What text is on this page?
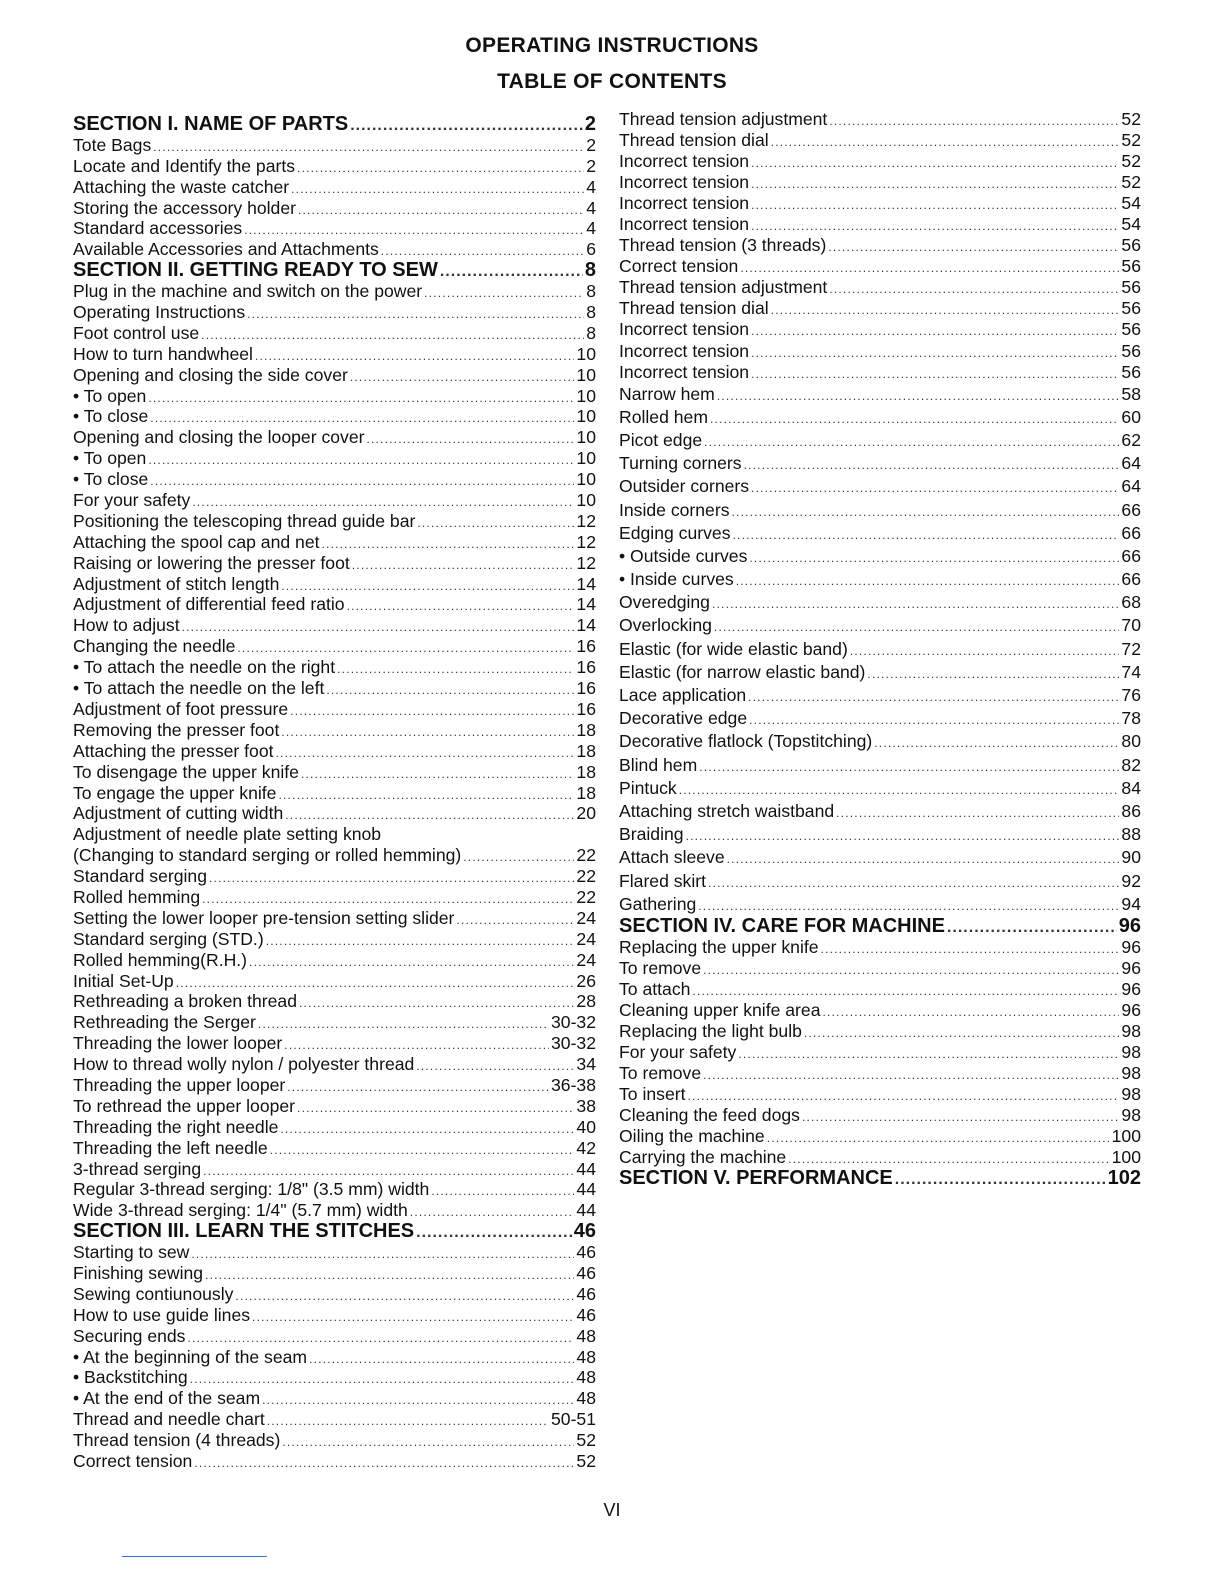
OPERATING INSTRUCTIONS
TABLE OF CONTENTS
SECTION I. NAME OF PARTS .....	2
Tote Bags .....	2
Locate and Identify the parts .....	2
Attaching the waste catcher .....	4
Storing the accessory holder .....	4
Standard accessories .....	4
Available Accessories and Attachments .....	6
SECTION II. GETTING READY TO SEW .....	8
Plug in the machine and switch on the power .....	8
Operating Instructions .....	8
Foot control use .....	8
How to turn handwheel .....	10
Opening and closing the side cover .....	10
• To open .....	10
• To close .....	10
Opening and closing the looper cover .....	10
• To open .....	10
• To close .....	10
For your safety .....	10
Positioning the telescoping thread guide bar .....	12
Attaching the spool cap and net .....	12
Raising or lowering the presser foot .....	12
Adjustment of stitch length .....	14
Adjustment of differential feed ratio .....	14
How to adjust .....	14
Changing the needle .....	16
• To attach the needle on the right .....	16
• To attach the needle on the left .....	16
Adjustment of foot pressure .....	16
Removing the presser foot .....	18
Attaching the presser foot .....	18
To disengage the upper knife .....	18
To engage the upper knife .....	18
Adjustment of cutting width .....	20
Adjustment of needle plate setting knob
(Changing to standard serging or rolled hemming) .....	22
Standard serging .....	22
Rolled hemming .....	22
Setting the lower looper pre-tension setting slider .....	24
Standard serging (STD.) .....	24
Rolled hemming(R.H.) .....	24
Initial Set-Up .....	26
Rethreading a broken thread .....	28
Rethreading the Serger .....	30-32
Threading the lower looper .....	30-32
How to thread wolly nylon / polyester thread .....	34
Threading the upper looper .....	36-38
To rethread the upper looper .....	38
Threading the right needle .....	40
Threading the left needle .....	42
3-thread serging .....	44
Regular 3-thread serging: 1/8" (3.5 mm) width .....	44
Wide 3-thread serging: 1/4" (5.7 mm) width .....	44
SECTION III. LEARN THE STITCHES .....	46
Starting to sew .....	46
Finishing sewing .....	46
Sewing contiunously .....	46
How to use guide lines .....	46
Securing ends .....	48
• At the beginning of the seam .....	48
• Backstitching .....	48
• At the end of the seam .....	48
Thread and needle chart .....	50-51
Thread tension (4 threads) .....	52
Correct tension .....	52
Thread tension adjustment .....	52
Thread tension dial .....	52
Incorrect tension .....	52
Incorrect tension .....	52
Incorrect tension .....	54
Incorrect tension .....	54
Thread tension (3 threads) .....	56
Correct tension .....	56
Thread tension adjustment .....	56
Thread tension dial .....	56
Incorrect tension .....	56
Incorrect tension .....	56
Incorrect tension .....	56
Narrow hem .....	58
Rolled hem .....	60
Picot edge .....	62
Turning corners .....	64
Outsider corners .....	64
Inside corners .....	66
Edging curves .....	66
• Outside curves .....	66
• Inside curves .....	66
Overedging .....	68
Overlocking .....	70
Elastic (for wide elastic band) .....	72
Elastic (for narrow elastic band) .....	74
Lace application .....	76
Decorative edge .....	78
Decorative flatlock (Topstitching) .....	80
Blind hem .....	82
Pintuck .....	84
Attaching stretch waistband .....	86
Braiding .....	88
Attach sleeve .....	90
Flared skirt .....	92
Gathering .....	94
SECTION IV. CARE FOR MACHINE .....	96
Replacing the upper knife .....	96
To remove .....	96
To attach .....	96
Cleaning upper knife area .....	96
Replacing the light bulb .....	98
For your safety .....	98
To remove .....	98
To insert .....	98
Cleaning the feed dogs .....	98
Oiling the machine .....	100
Carrying the machine .....	100
SECTION V. PERFORMANCE .....	102
VI
